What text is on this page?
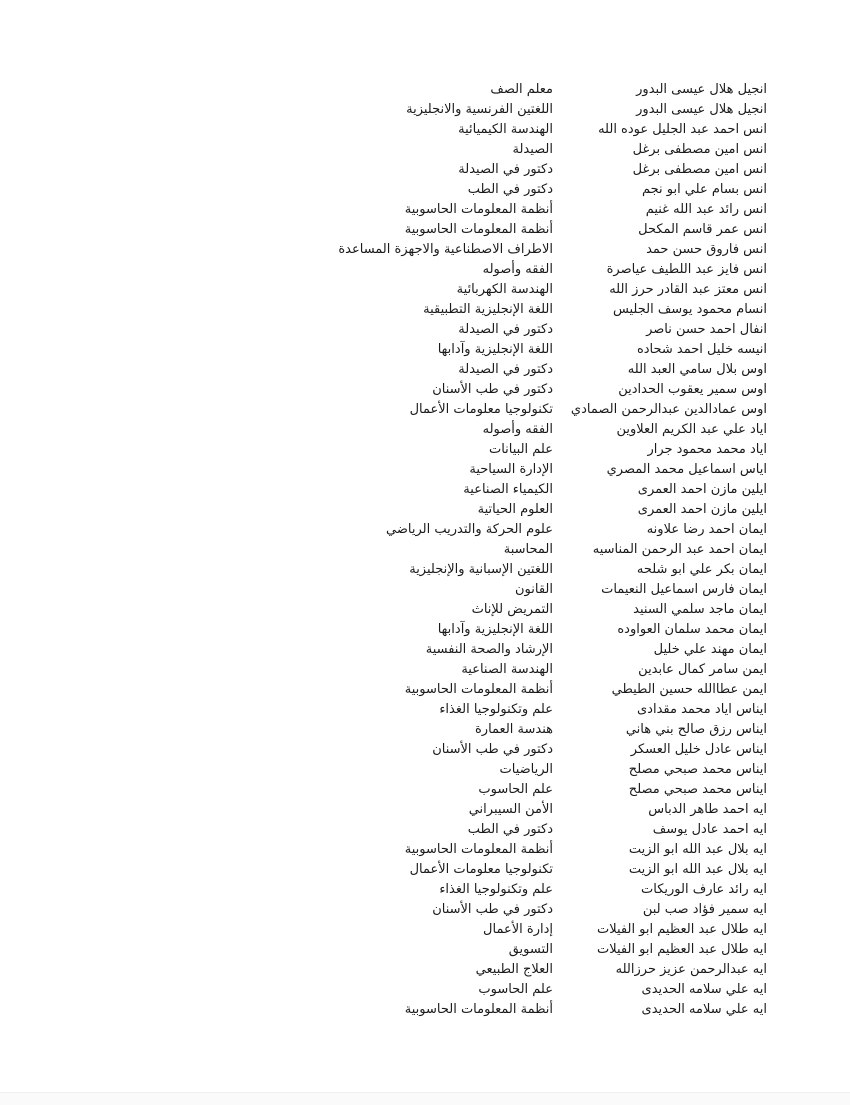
انجيل هلال عيسى البدور
معلم الصف
انجيل هلال عيسى البدور
اللغتين الفرنسية والانجليزية
انس احمد عبد الجليل عوده الله
الهندسة الكيميائية
انس امين مصطفى برغل
الصيدلة
انس امين مصطفى برغل
دكتور في الصيدلة
انس بسام علي ابو نجم
دكتور في الطب
انس رائد عبد الله غنيم
أنظمة المعلومات الحاسوبية
انس عمر قاسم المكحل
أنظمة المعلومات الحاسوبية
انس فاروق حسن حمد
الاطراف الاصطناعية والاجهزة المساعدة
انس فايز عبد اللطيف عياصرة
الفقه وأصوله
انس معتز عبد القادر حرز الله
الهندسة الكهربائية
انسام محمود يوسف الجليس
اللغة الإنجليزية التطبيقية
انفال احمد حسن ناصر
دكتور في الصيدلة
انيسه خليل احمد شحاده
اللغة الإنجليزية وآدابها
اوس بلال سامي العبد الله
دكتور في الصيدلة
اوس سمير يعقوب الحدادين
دكتور في طب الأسنان
اوس عمادالدين عبدالرحمن الصمادي
تكنولوجيا معلومات الأعمال
اياد علي عبد الكريم العلاوين
الفقه وأصوله
اياد محمد محمود جرار
علم البيانات
اياس اسماعيل محمد المصري
الإدارة السياحية
ايلين مازن احمد العمرى
الكيمياء الصناعية
ايلين مازن احمد العمرى
العلوم الحياتية
ايمان احمد رضا علاونه
علوم الحركة والتدريب الرياضي
ايمان احمد عبد الرحمن المناسيه
المحاسبة
ايمان بكر علي ابو شلحه
اللغتين الإسبانية والإنجليزية
ايمان فارس اسماعيل النعيمات
القانون
ايمان ماجد سلمي السنيد
التمريض للإناث
ايمان محمد سلمان العواوده
اللغة الإنجليزية وآدابها
ايمان مهند علي خليل
الإرشاد والصحة النفسية
ايمن سامر كمال عابدين
الهندسة الصناعية
ايمن عطاالله حسين الطيطي
أنظمة المعلومات الحاسوبية
ايناس اياد محمد مقدادى
علم وتكنولوجيا الغذاء
ايناس رزق صالح بني هاني
هندسة العمارة
ايناس عادل خليل العسكر
دكتور في طب الأسنان
ايناس محمد صبحي مصلح
الرياضيات
ايناس محمد صبحي مصلح
علم الحاسوب
ايه احمد طاهر الدباس
الأمن السيبراني
ايه احمد عادل يوسف
دكتور في الطب
ايه بلال عبد الله ابو الزيت
أنظمة المعلومات الحاسوبية
ايه بلال عبد الله ابو الزيت
تكنولوجيا معلومات الأعمال
ايه رائد عارف الوريكات
علم وتكنولوجيا الغذاء
ايه سمير فؤاد صب لبن
دكتور في طب الأسنان
ايه طلال عبد العظيم ابو الفيلات
إدارة الأعمال
ايه طلال عبد العظيم ابو الفيلات
التسويق
ايه عبدالرحمن عزيز حرزالله
العلاج الطبيعي
ايه علي سلامه الحديدى
علم الحاسوب
ايه علي سلامه الحديدى
أنظمة المعلومات الحاسوبية
